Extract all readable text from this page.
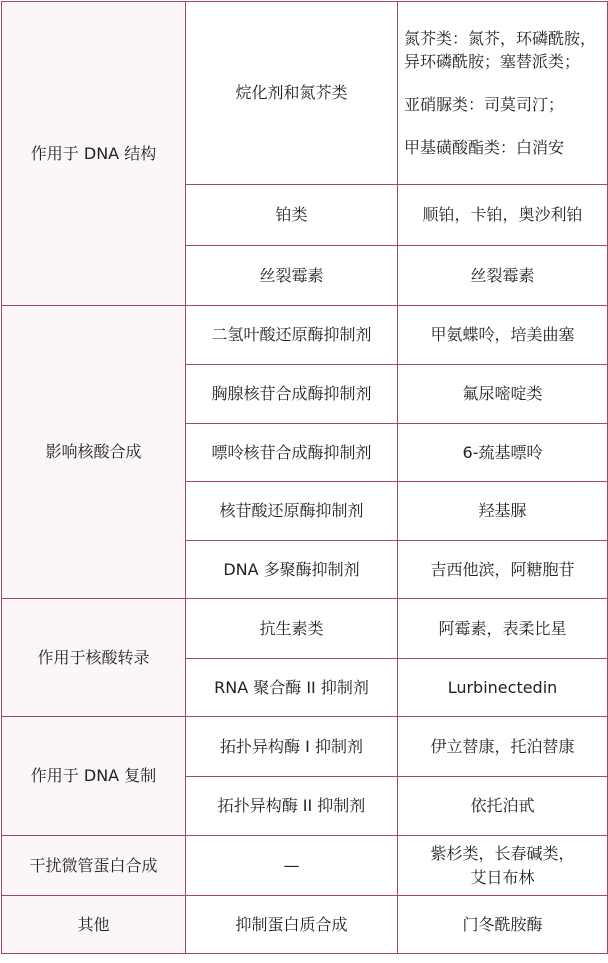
作用于 DNA 结构	烷化剂和氮芥类	氮芥类：氮芥，环磷酰胺，异环磷酰胺；塞替派类；
亚硝脲类：司莫司汀；
甲基磺酸酯类：白消安

	铂类	顺铂，卡铂，奥沙利铂
	丝裂霉素	丝裂霉素
影响核酸合成	二氢叶酸还原酶抑制剂	甲氨蝶呤，培美曲塞
	胸腺核苷合成酶抑制剂	氟尿嘧啶类
	嘌呤核苷合成酶抑制剂	6-巯基嘌呤
	核苷酸还原酶抑制剂	羟基脲
	DNA 多聚酶抑制剂	吉西他滨，阿糖胞苷
作用于核酸转录	抗生素类	阿霉素，表柔比星
	RNA 聚合酶 II 抑制剂	Lurbinectedin
作用于 DNA 复制	拓扑异构酶 I 抑制剂	伊立替康，托泊替康
	拓扑异构酶 II 抑制剂	依托泊甙
干扰微管蛋白合成	—	紫杉类，长春碱类，
艾日布林

其他	抑制蛋白质合成	门冬酰胺酶
